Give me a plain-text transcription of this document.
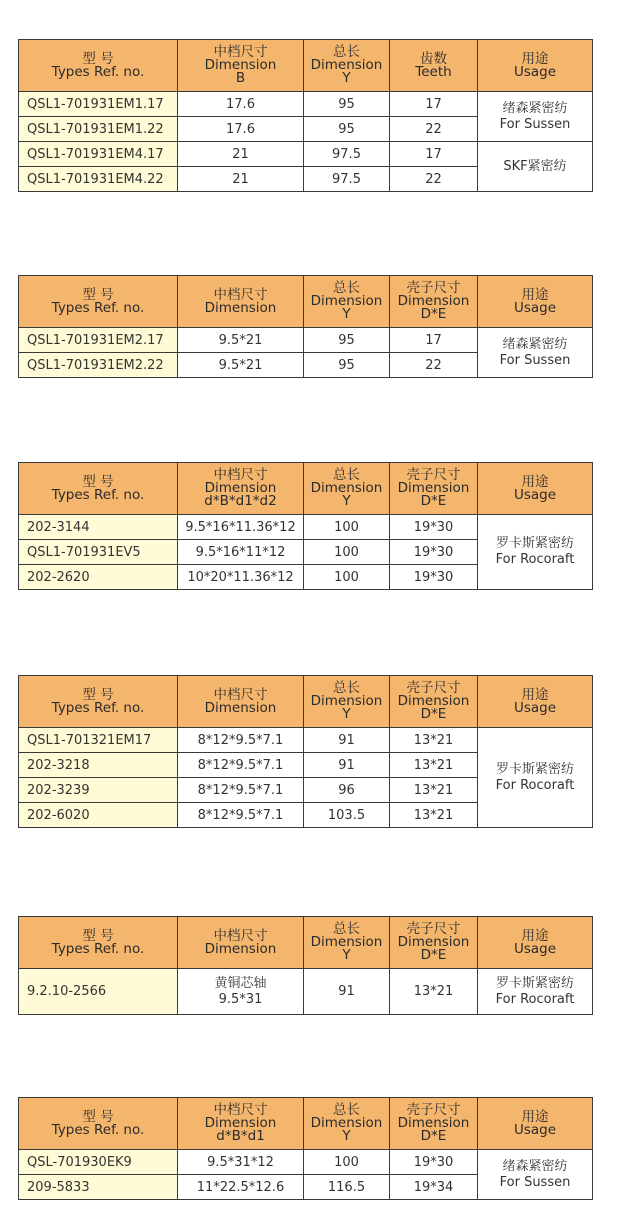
型 号
Types Ref. no.	中档尺寸
Dimension
B	总长
Dimension
Y	齿数
Teeth	用途
Usage

QSL1-701931EM1.17	17.6	95	17	绪森紧密纺
For Sussen

QSL1-701931EM1.22	17.6	95	22	
QSL1-701931EM4.17	21	97.5	17	SKF紧密纺

QSL1-701931EM4.22	21	97.5	22	
型 号
Types Ref. no.	中档尺寸
Dimension	总长
Dimension
Y	壳子尺寸
Dimension
D*E	用途
Usage

QSL1-701931EM2.17	9.5*21	95	17	绪森紧密纺
For Sussen

QSL1-701931EM2.22	9.5*21	95	22	
型 号
Types Ref. no.	中档尺寸
Dimension
d*B*d1*d2	总长
Dimension
Y	壳子尺寸
Dimension
D*E	用途
Usage

202-3144	9.5*16*11.36*12	100	19*30	罗卡斯紧密纺
For Rocoraft

QSL1-701931EV5	9.5*16*11*12	100	19*30	
202-2620	10*20*11.36*12	100	19*30	
型 号
Types Ref. no.	中档尺寸
Dimension	总长
Dimension
Y	壳子尺寸
Dimension
D*E	用途
Usage

QSL1-701321EM17	8*12*9.5*7.1	91	13*21	罗卡斯紧密纺
For Rocoraft

202-3218	8*12*9.5*7.1	91	13*21	
202-3239	8*12*9.5*7.1	96	13*21	
202-6020	8*12*9.5*7.1	103.5	13*21	
型 号
Types Ref. no.	中档尺寸
Dimension	总长
Dimension
Y	壳子尺寸
Dimension
D*E	用途
Usage

9.2.10-2566	黄铜芯轴
9.5*31	91	13*21	罗卡斯紧密纺
For Rocoraft
型 号
Types Ref. no.	中档尺寸
Dimension
d*B*d1	总长
Dimension
Y	壳子尺寸
Dimension
D*E	用途
Usage

QSL-701930EK9	9.5*31*12	100	19*30	绪森紧密纺
For Sussen

209-5833	11*22.5*12.6	116.5	19*34	
